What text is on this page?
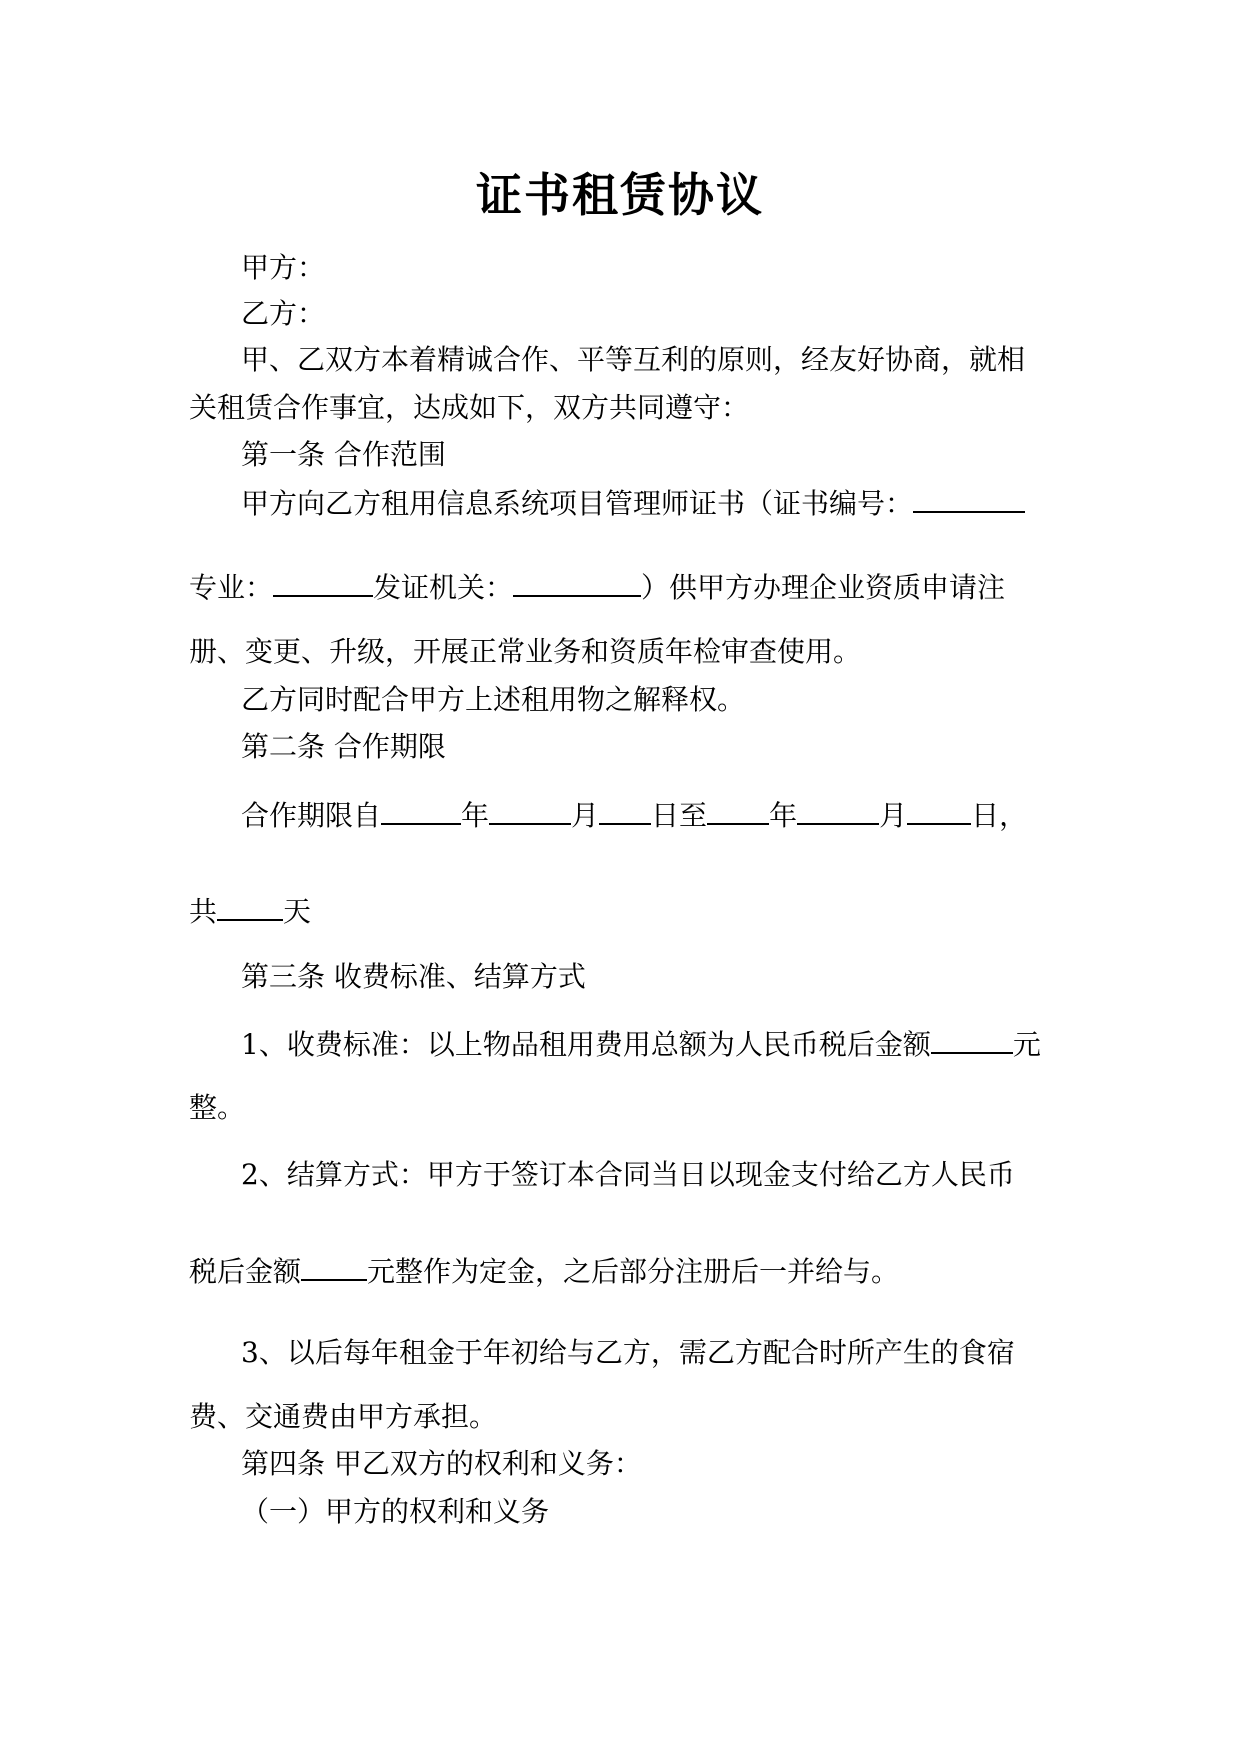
证书租赁协议
甲方：
乙方：
甲、乙双方本着精诚合作、平等互利的原则，经友好协商，就相
关租赁合作事宜，达成如下，双方共同遵守：
第一条 合作范围
甲方向乙方租用信息系统项目管理师证书（证书编号：
专业：	发证机关：	）供甲方办理企业资质申请注
册、变更、升级，开展正常业务和资质年检审查使用。
乙方同时配合甲方上述租用物之解释权。
第二条 合作期限
合作期限自	年	月 日至 年	月 日，
共 天
第三条 收费标准、结算方式
1、收费标准：以上物品租用费用总额为人民币税后金额	元
整。
2、结算方式：甲方于签订本合同当日以现金支付给乙方人民币
税后金额 元整作为定金，之后部分注册后一并给与。
3、以后每年租金于年初给与乙方，需乙方配合时所产生的食宿
费、交通费由甲方承担。
第四条 甲乙双方的权利和义务：
（一）甲方的权利和义务
